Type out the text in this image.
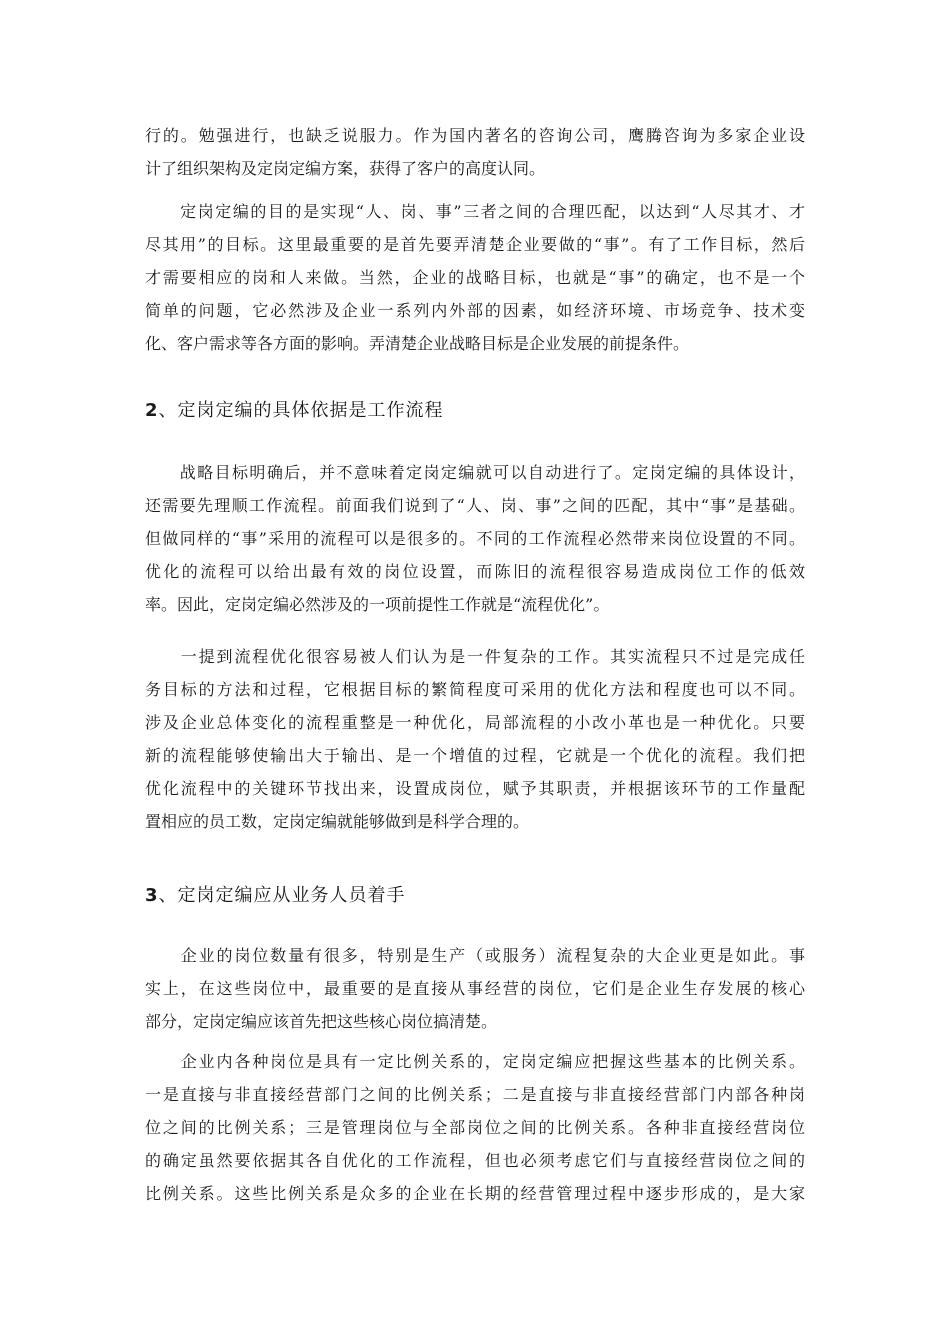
行的。勉强进行，也缺乏说服力。作为国内著名的咨询公司，鹰腾咨询为多家企业设
计了组织架构及定岗定编方案，获得了客户的高度认同。
　　定岗定编的目的是实现“人、岗、事”三者之间的合理匹配，以达到“人尽其才、才
尽其用”的目标。这里最重要的是首先要弄清楚企业要做的“事”。有了工作目标，然后
才需要相应的岗和人来做。当然，企业的战略目标，也就是“事”的确定，也不是一个
简单的问题，它必然涉及企业一系列内外部的因素，如经济环境、市场竞争、技术变
化、客户需求等各方面的影响。弄清楚企业战略目标是企业发展的前提条件。
2、定岗定编的具体依据是工作流程
　　战略目标明确后，并不意味着定岗定编就可以自动进行了。定岗定编的具体设计，
还需要先理顺工作流程。前面我们说到了“人、岗、事”之间的匹配，其中“事”是基础。
但做同样的“事”采用的流程可以是很多的。不同的工作流程必然带来岗位设置的不同。
优化的流程可以给出最有效的岗位设置，而陈旧的流程很容易造成岗位工作的低效
率。因此，定岗定编必然涉及的一项前提性工作就是“流程优化”。
　　一提到流程优化很容易被人们认为是一件复杂的工作。其实流程只不过是完成任
务目标的方法和过程，它根据目标的繁简程度可采用的优化方法和程度也可以不同。
涉及企业总体变化的流程重整是一种优化，局部流程的小改小革也是一种优化。只要
新的流程能够使输出大于输出、是一个增值的过程，它就是一个优化的流程。我们把
优化流程中的关键环节找出来，设置成岗位，赋予其职责，并根据该环节的工作量配
置相应的员工数，定岗定编就能够做到是科学合理的。
3、定岗定编应从业务人员着手
　　企业的岗位数量有很多，特别是生产（或服务）流程复杂的大企业更是如此。事
实上，在这些岗位中，最重要的是直接从事经营的岗位，它们是企业生存发展的核心
部分，定岗定编应该首先把这些核心岗位搞清楚。
　　企业内各种岗位是具有一定比例关系的，定岗定编应把握这些基本的比例关系。
一是直接与非直接经营部门之间的比例关系；二是直接与非直接经营部门内部各种岗
位之间的比例关系；三是管理岗位与全部岗位之间的比例关系。各种非直接经营岗位
的确定虽然要依据其各自优化的工作流程，但也必须考虑它们与直接经营岗位之间的
比例关系。这些比例关系是众多的企业在长期的经营管理过程中逐步形成的，是大家
